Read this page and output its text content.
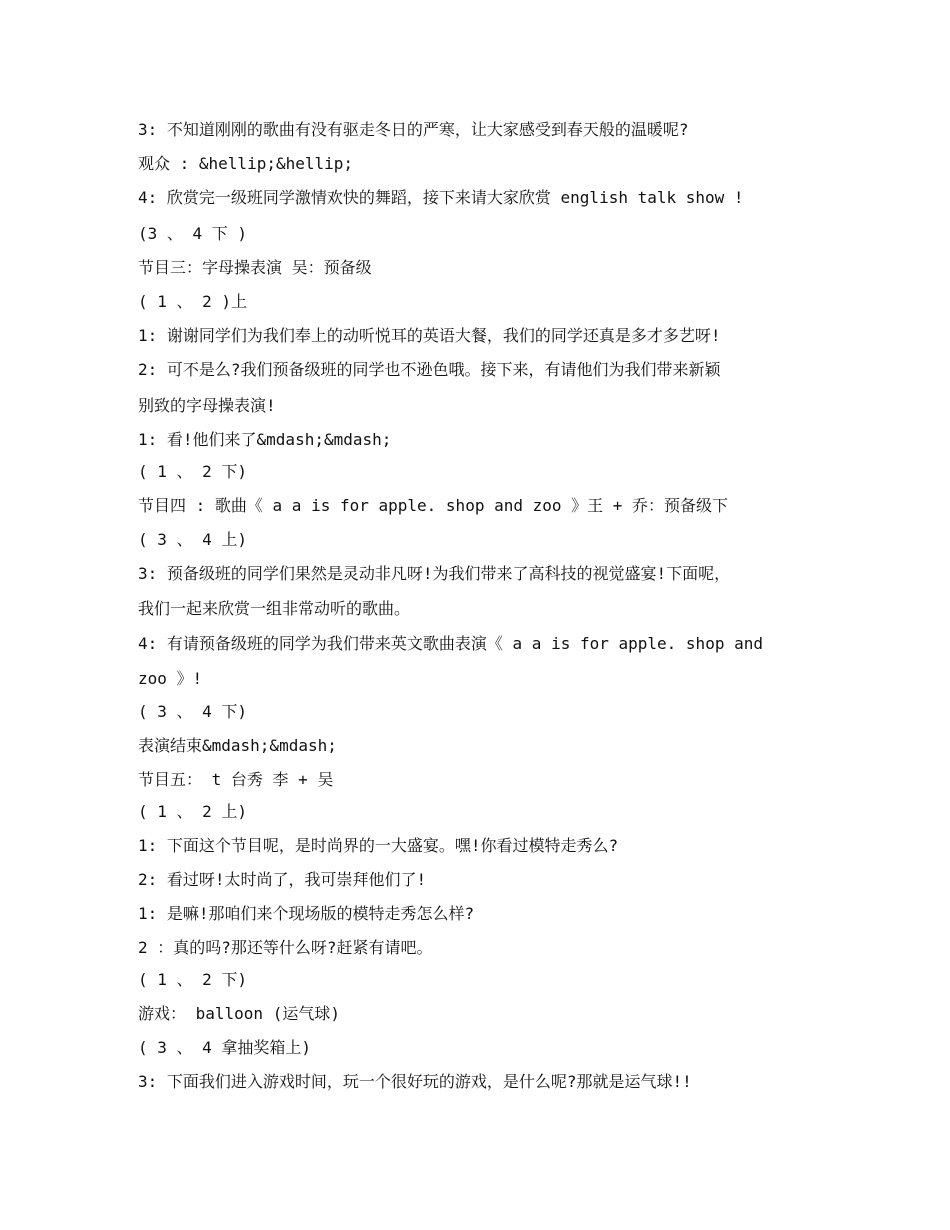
3: 不知道刚刚的歌曲有没有驱走冬日的严寒，让大家感受到春天般的温暖呢?
观众 : &hellip;&hellip;
4: 欣赏完一级班同学激情欢快的舞蹈，接下来请大家欣赏 english talk show !
(3 、 4 下 )
节目三：字母操表演 吴：预备级
( 1 、 2 )上
1: 谢谢同学们为我们奉上的动听悦耳的英语大餐，我们的同学还真是多才多艺呀!
2: 可不是么?我们预备级班的同学也不逊色哦。接下来，有请他们为我们带来新颖
别致的字母操表演!
1: 看!他们来了&mdash;&mdash;
( 1 、 2 下)
节目四 : 歌曲《 a a is for apple. shop and zoo 》王 + 乔：预备级下
( 3 、 4 上)
3: 预备级班的同学们果然是灵动非凡呀!为我们带来了高科技的视觉盛宴!下面呢，
我们一起来欣赏一组非常动听的歌曲。
4: 有请预备级班的同学为我们带来英文歌曲表演《 a a is for apple. shop and
zoo 》!
( 3 、 4 下)
表演结束&mdash;&mdash;
节目五： t 台秀 李 + 吴
( 1 、 2 上)
1: 下面这个节目呢，是时尚界的一大盛宴。嘿!你看过模特走秀么?
2: 看过呀!太时尚了，我可崇拜他们了!
1: 是嘛!那咱们来个现场版的模特走秀怎么样?
2 ：真的吗?那还等什么呀?赶紧有请吧。
( 1 、 2 下)
游戏： balloon (运气球)
( 3 、 4 拿抽奖箱上)
3: 下面我们进入游戏时间，玩一个很好玩的游戏，是什么呢?那就是运气球!!
